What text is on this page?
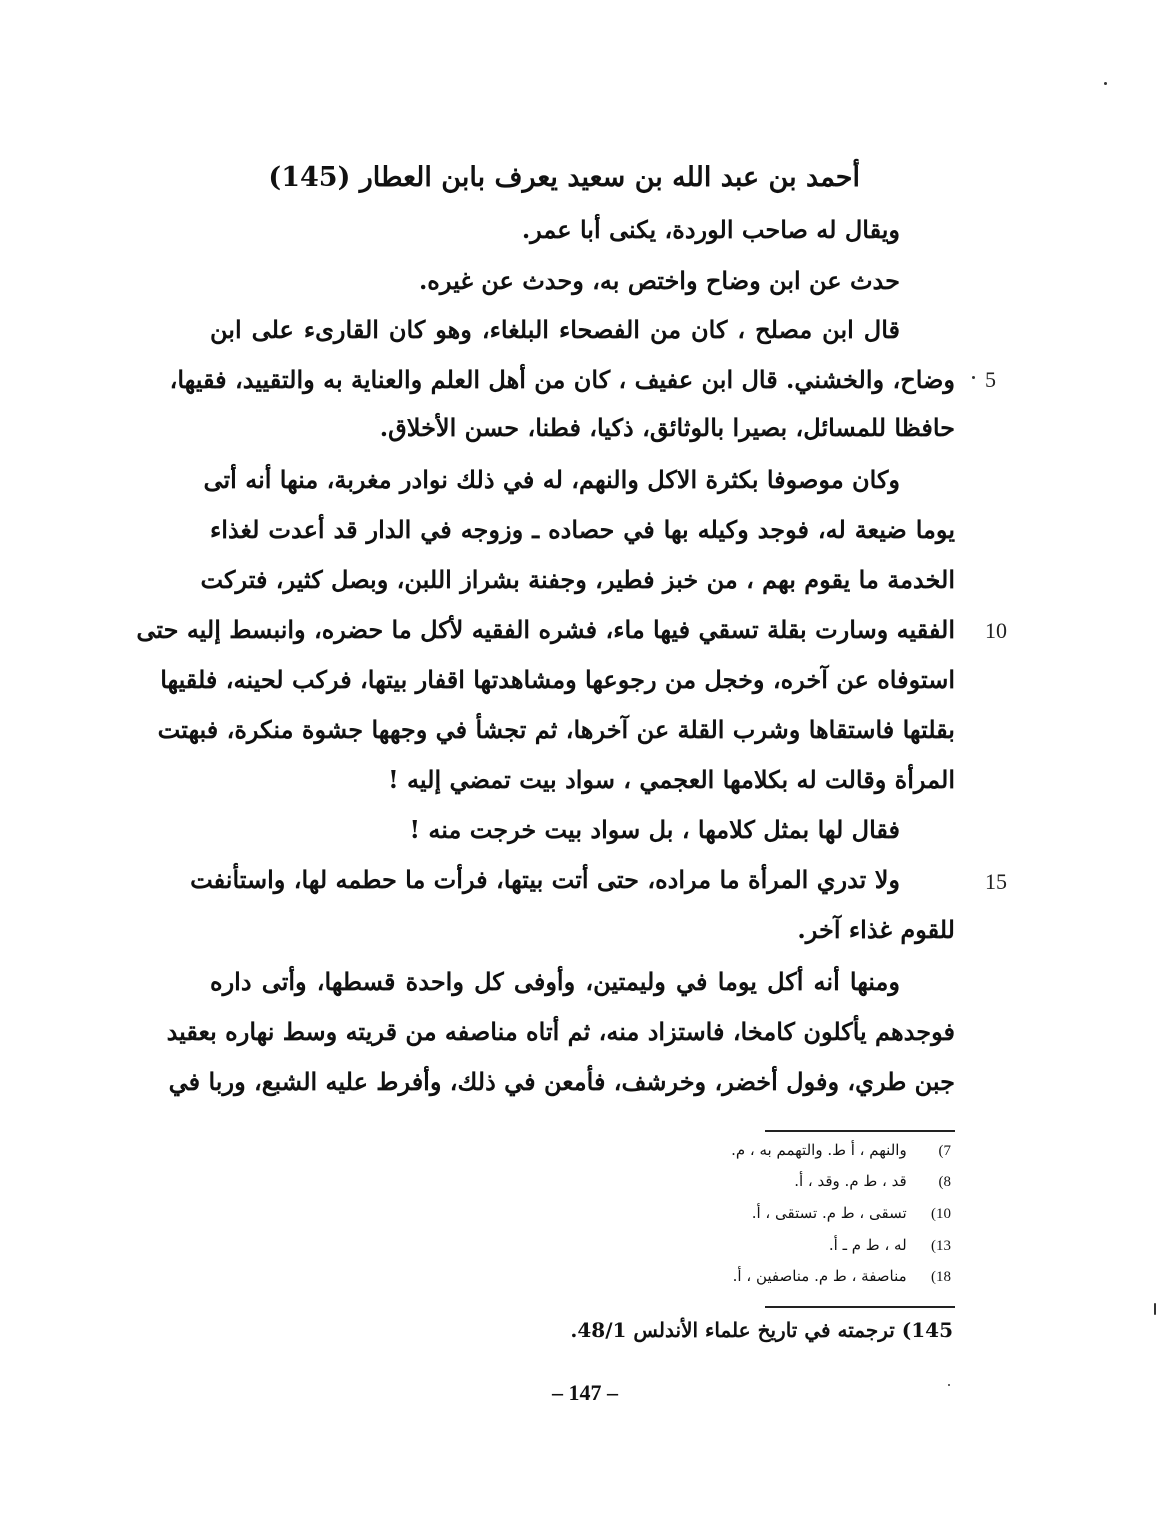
أحمد بن عبد الله بن سعيد يعرف بابن العطار (145)
ويقال له صاحب الوردة، يكنى أبا عمر.
حدث عن ابن وضاح واختص به، وحدث عن غيره.
قال ابن مصلح ، كان من الفصحاء البلغاء، وهو كان القارىء على ابن
وضاح، والخشني. قال ابن عفيف ، كان من أهل العلم والعناية به والتقييد، فقيها،
حافظا للمسائل، بصيرا بالوثائق، ذكيا، فطنا، حسن الأخلاق.
وكان موصوفا بكثرة الاكل والنهم، له في ذلك نوادر مغربة، منها أنه أتى
يوما ضيعة له، فوجد وكيله بها في حصاده ـ وزوجه في الدار قد أعدت لغذاء
الخدمة ما يقوم بهم ، من خبز فطير، وجفنة بشراز اللبن، وبصل كثير، فتركت
الفقيه وسارت بقلة تسقي فيها ماء، فشره الفقيه لأكل ما حضره، وانبسط إليه حتى
استوفاه عن آخره، وخجل من رجوعها ومشاهدتها اقفار بيتها، فركب لحينه، فلقيها
بقلتها فاستقاها وشرب القلة عن آخرها، ثم تجشأ في وجهها جشوة منكرة، فبهتت
المرأة وقالت له بكلامها العجمي ، سواد بيت تمضي إليه !
فقال لها بمثل كلامها ، بل سواد بيت خرجت منه !
ولا تدري المرأة ما مراده، حتى أتت بيتها، فرأت ما حطمه لها، واستأنفت
للقوم غذاء آخر.
ومنها أنه أكل يوما في وليمتين، وأوفى كل واحدة قسطها، وأتى داره
فوجدهم يأكلون كامخا، فاستزاد منه، ثم أتاه مناصفه من قريته وسط نهاره بعقيد
جبن طري، وفول أخضر، وخرشف، فأمعن في ذلك، وأفرط عليه الشبع، وربا في
5
10
15
7)   والنهم ، أ ط. والتهمم به ، م.
8)   قد ، ط م. وقد ، أ.
10)   تسقى ، ط م. تستقى ، أ.
13)   له ، ط م ـ أ.
18)   مناصفة ، ط م. مناصفين ، أ.
145) ترجمته في تاريخ علماء الأندلس 48/1.
– 147 –
